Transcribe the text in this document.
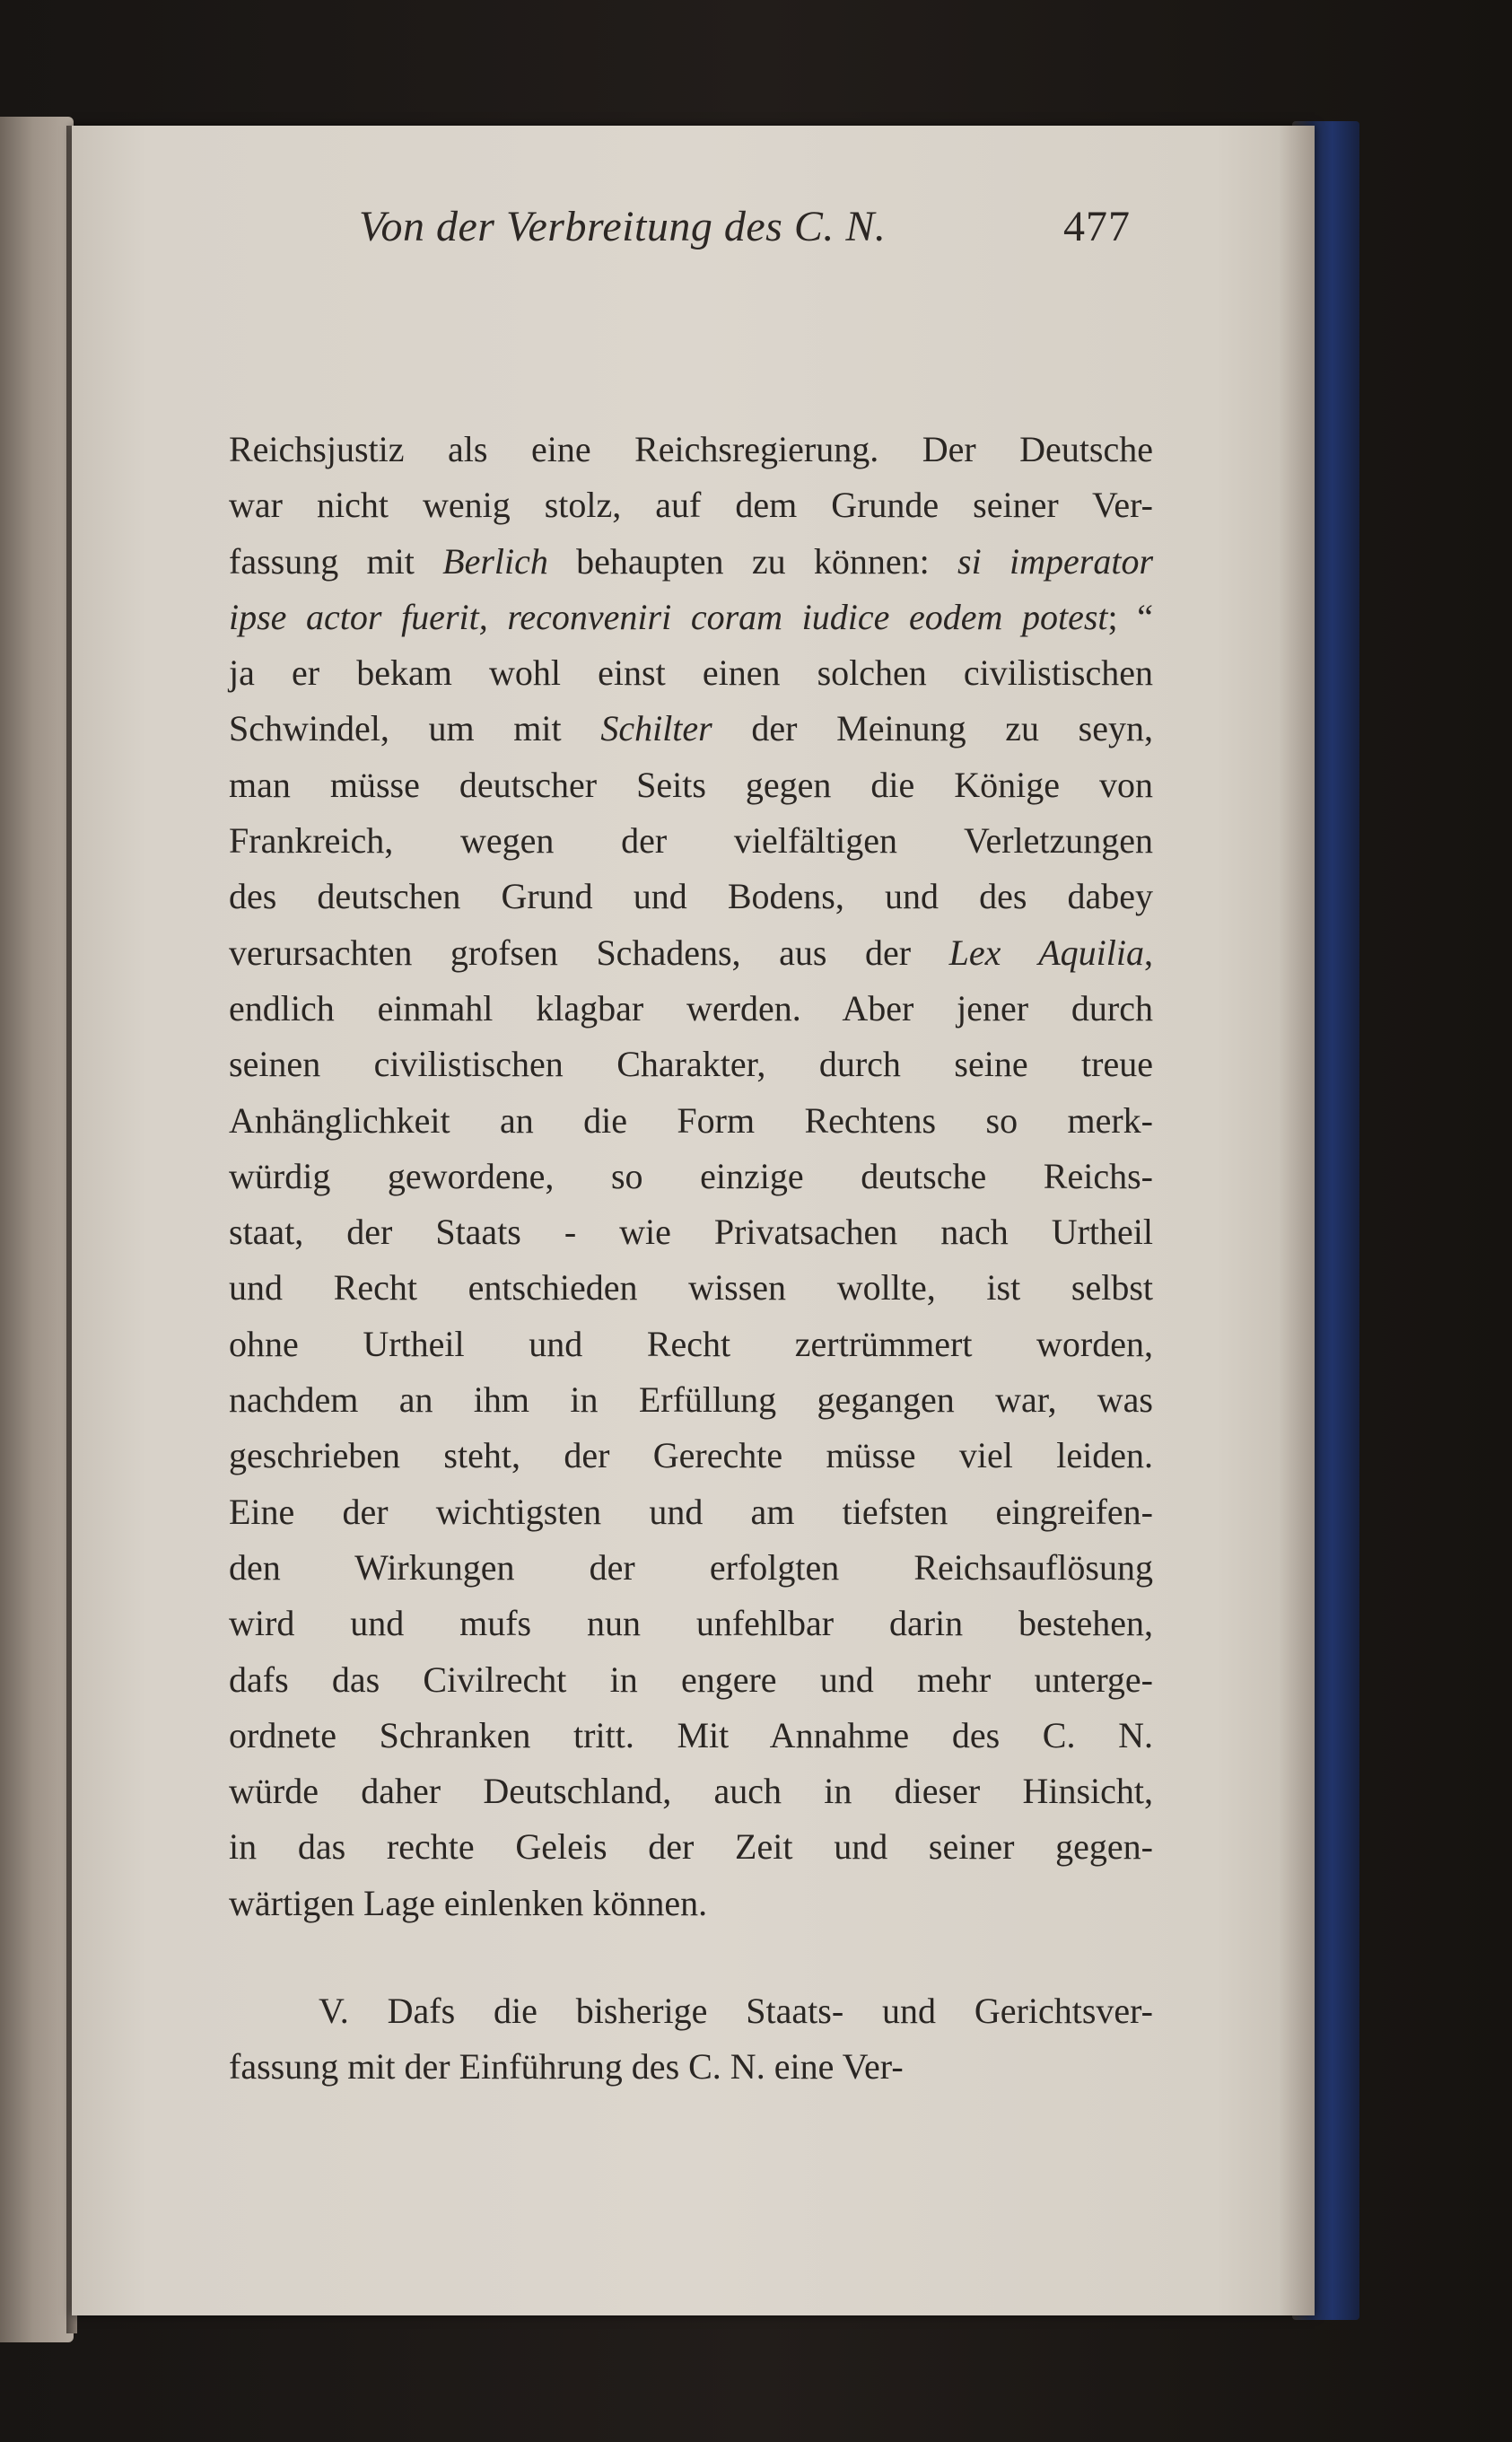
Von der Verbreitung des C. N.	477
Reichsjustiz als eine Reichsregierung. Der Deutsche
war nicht wenig stolz, auf dem Grunde seiner Ver-
fassung mit Berlich behaupten zu können: si imperator
ipse actor fuerit, reconveniri coram iudice eodem potest; “
ja er bekam wohl einst einen solchen civilistischen
Schwindel, um mit Schilter der Meinung zu seyn,
man müsse deutscher Seits gegen die Könige von
Frankreich, wegen der vielfältigen Verletzungen
des deutschen Grund und Bodens, und des dabey
verursachten grofsen Schadens, aus der Lex Aquilia,
endlich einmahl klagbar werden. Aber jener durch
seinen civilistischen Charakter, durch seine treue
Anhänglichkeit an die Form Rechtens so merk-
würdig gewordene, so einzige deutsche Reichs-
staat, der Staats - wie Privatsachen nach Urtheil
und Recht entschieden wissen wollte, ist selbst
ohne Urtheil und Recht zertrümmert worden,
nachdem an ihm in Erfüllung gegangen war, was
geschrieben steht, der Gerechte müsse viel leiden.
Eine der wichtigsten und am tiefsten eingreifen-
den Wirkungen der erfolgten Reichsauflösung
wird und mufs nun unfehlbar darin bestehen,
dafs das Civilrecht in engere und mehr unterge-
ordnete Schranken tritt. Mit Annahme des C. N.
würde daher Deutschland, auch in dieser Hinsicht,
in das rechte Geleis der Zeit und seiner gegen-
wärtigen Lage einlenken können.
V. Dafs die bisherige Staats- und Gerichtsver-
fassung mit der Einführung des C. N. eine Ver-
